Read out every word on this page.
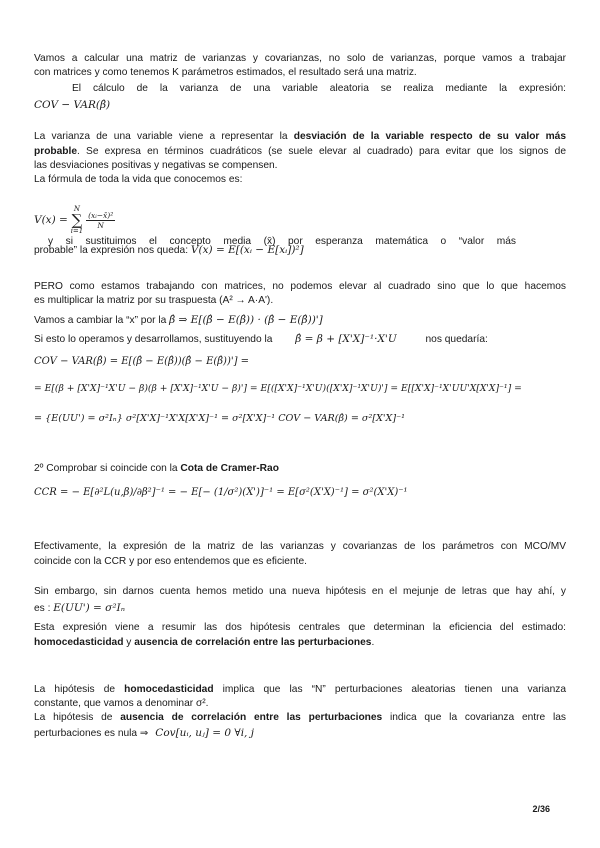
Vamos a calcular una matriz de varianzas y covarianzas, no solo de varianzas, porque vamos a trabajar
con matrices y como tenemos K parámetros estimados, el resultado será una matriz.
El cálculo de la varianza de una variable aleatoria se realiza mediante la expresión:
COV − VAR(β̂)
La varianza de una variable viene a representar la desviación de la variable respecto de su valor más
probable. Se expresa en términos cuadráticos (se suele elevar al cuadrado) para evitar que los signos de
las desviaciones positivas y negativas se compensen.
La fórmula de toda la vida que conocemos es:
V(x) = N
∑
i=1
$\frac{\text{(xᵢ−x̄)²}}{N}$
y si sustituimos el concepto media (x̄) por esperanza matemática o “valor más
probable” la expresión nos queda: V(x) = E[(xᵢ − E[xᵢ])²]
PERO como estamos trabajando con matrices, no podemos elevar al cuadrado sino que lo que hacemos
es multiplicar la matriz por su traspuesta (A² → A·A').
Vamos a cambiar la “x” por la β̂ ⇒ E[(β̂ − E(β̂)) · (β̂ − E(β̂))']
Si esto lo operamos y desarrollamos, sustituyendo la β̂ = β + [X'X]⁻¹·X'U	nos quedaría:
COV − VAR(β̂) = E[(β̂ − E(β̂))(β̂ − E(β̂))'] =
= E[(β + [X'X]⁻¹X'U − β)(β + [X'X]⁻¹X'U − β)'] = E[([X'X]⁻¹X'U)([X'X]⁻¹X'U)'] = E[[X'X]⁻¹X'UU'X[X'X]⁻¹] =
= {E(UU') = σ²Iₙ} σ²[X'X]⁻¹X'X[X'X]⁻¹ = σ²[X'X]⁻¹ COV − VAR(β̂) = σ²[X'X]⁻¹
2º Comprobar si coincide con la Cota de Cramer-Rao
CCR = − E[∂²L(u,β)/∂β²]⁻¹ = − E[− (1/σ²)(X')]⁻¹ = E[σ²(X'X)⁻¹] = σ²(X'X)⁻¹
Efectivamente, la expresión de la matriz de las varianzas y covarianzas de los parámetros con MCO/MV
coincide con la CCR y por eso entendemos que es eficiente.
Sin embargo, sin darnos cuenta hemos metido una nueva hipótesis en el mejunje de letras que hay ahí, y
es : E(UU') = σ²Iₙ
Esta expresión viene a resumir las dos hipótesis centrales que determinan la eficiencia del estimado:
homocedasticidad y ausencia de correlación entre las perturbaciones.
La hipótesis de homocedasticidad implica que las “N” perturbaciones aleatorias tienen una varianza
constante, que vamos a denominar σ².
La hipótesis de ausencia de correlación entre las perturbaciones indica que la covarianza entre las
perturbaciones es nula ⇒ Cov[uᵢ, uⱼ] = 0 ∀i, j
2/36
